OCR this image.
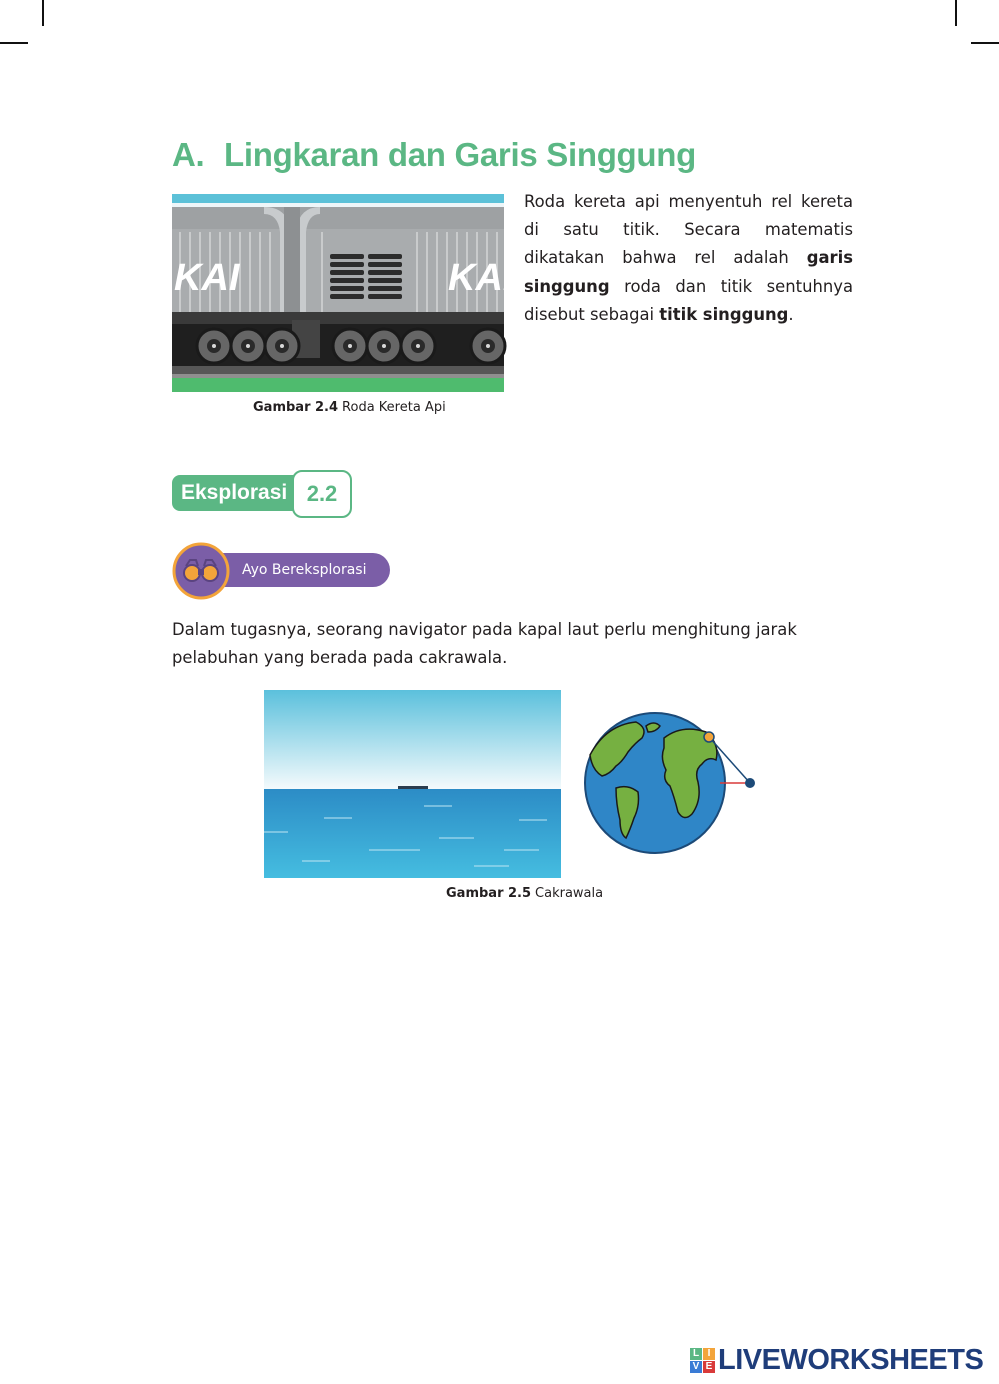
A. Lingkaran dan Garis Singgung
KAI	KAI
Gambar 2.4 Roda Kereta Api

Roda kereta api menyentuh rel kereta di satu titik. Secara matematis dikatakan bahwa rel adalah garis singgung roda dan titik sentuhnya disebut sebagai titik singgung.

Eksplorasi 2.2
Ayo Bereksplorasi

Dalam tugasnya, seorang navigator pada kapal laut perlu menghitung jarak pelabuhan yang berada pada cakrawala.

Gambar 2.5 Cakrawala
L I
V E LIVEWORKSHEETS
